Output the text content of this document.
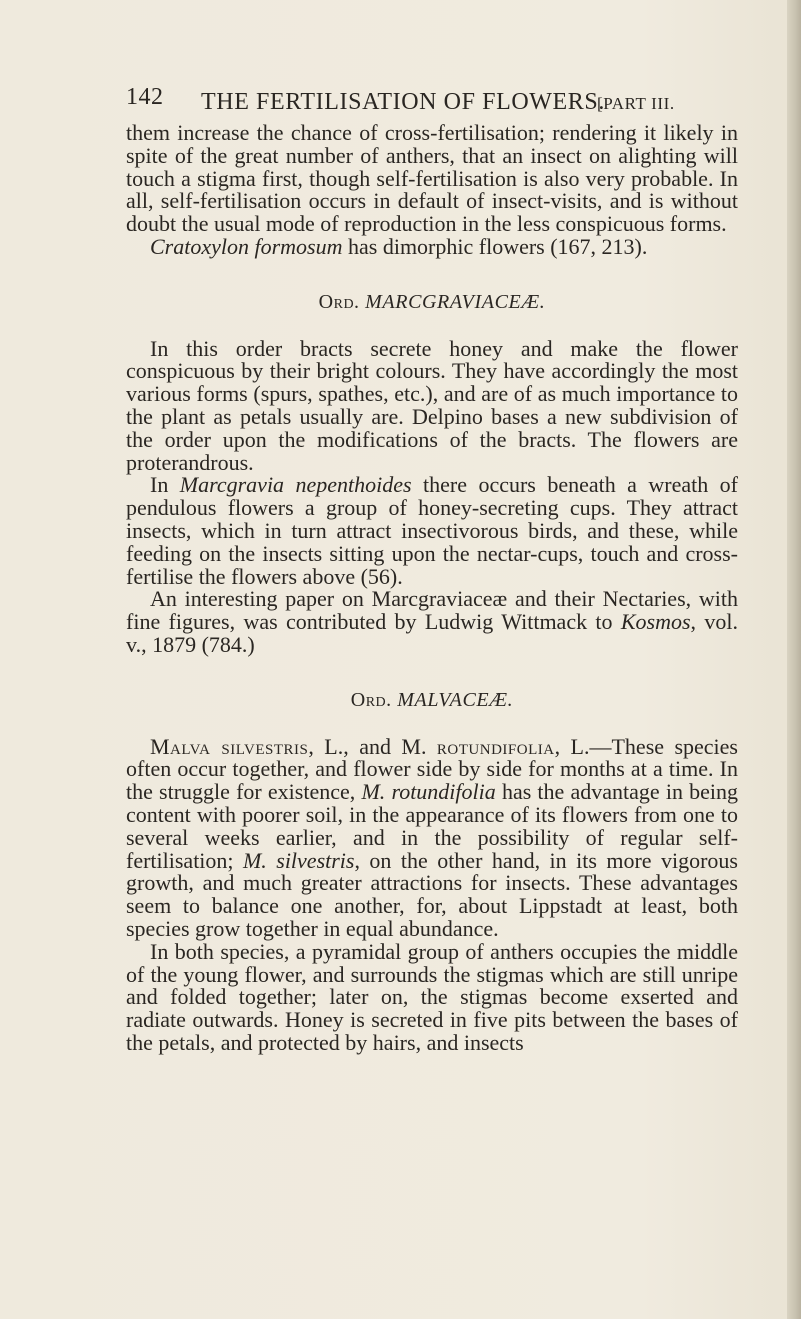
142 THE FERTILISATION OF FLOWERS.
[PART III.

them increase the chance of cross-fertilisation; rendering it likely in spite of the great number of anthers, that an insect on alighting will touch a stigma first, though self-fertilisation is also very probable. In all, self-fertilisation occurs in default of insect-visits, and is without doubt the usual mode of reproduction in the less conspicuous forms.

Cratoxylon formosum has dimorphic flowers (167, 213).

Ord. MARCGRAVIACEÆ.

In this order bracts secrete honey and make the flower conspicuous by their bright colours. They have accordingly the most various forms (spurs, spathes, etc.), and are of as much importance to the plant as petals usually are. Delpino bases a new subdivision of the order upon the modifications of the bracts. The flowers are proterandrous.

In Marcgravia nepenthoides there occurs beneath a wreath of pendulous flowers a group of honey-secreting cups. They attract insects, which in turn attract insectivorous birds, and these, while feeding on the insects sitting upon the nectar-cups, touch and cross-fertilise the flowers above (56).

An interesting paper on Marcgraviaceæ and their Nectaries, with fine figures, was contributed by Ludwig Wittmack to Kosmos, vol. v., 1879 (784.)

Ord. MALVACEÆ.

Malva silvestris, L., and M. rotundifolia, L.—These species often occur together, and flower side by side for months at a time. In the struggle for existence, M. rotundifolia has the advantage in being content with poorer soil, in the appearance of its flowers from one to several weeks earlier, and in the possibility of regular self-fertilisation; M. silvestris, on the other hand, in its more vigorous growth, and much greater attractions for insects. These advantages seem to balance one another, for, about Lippstadt at least, both species grow together in equal abundance.

In both species, a pyramidal group of anthers occupies the middle of the young flower, and surrounds the stigmas which are still unripe and folded together; later on, the stigmas become exserted and radiate outwards. Honey is secreted in five pits between the bases of the petals, and protected by hairs, and insects
